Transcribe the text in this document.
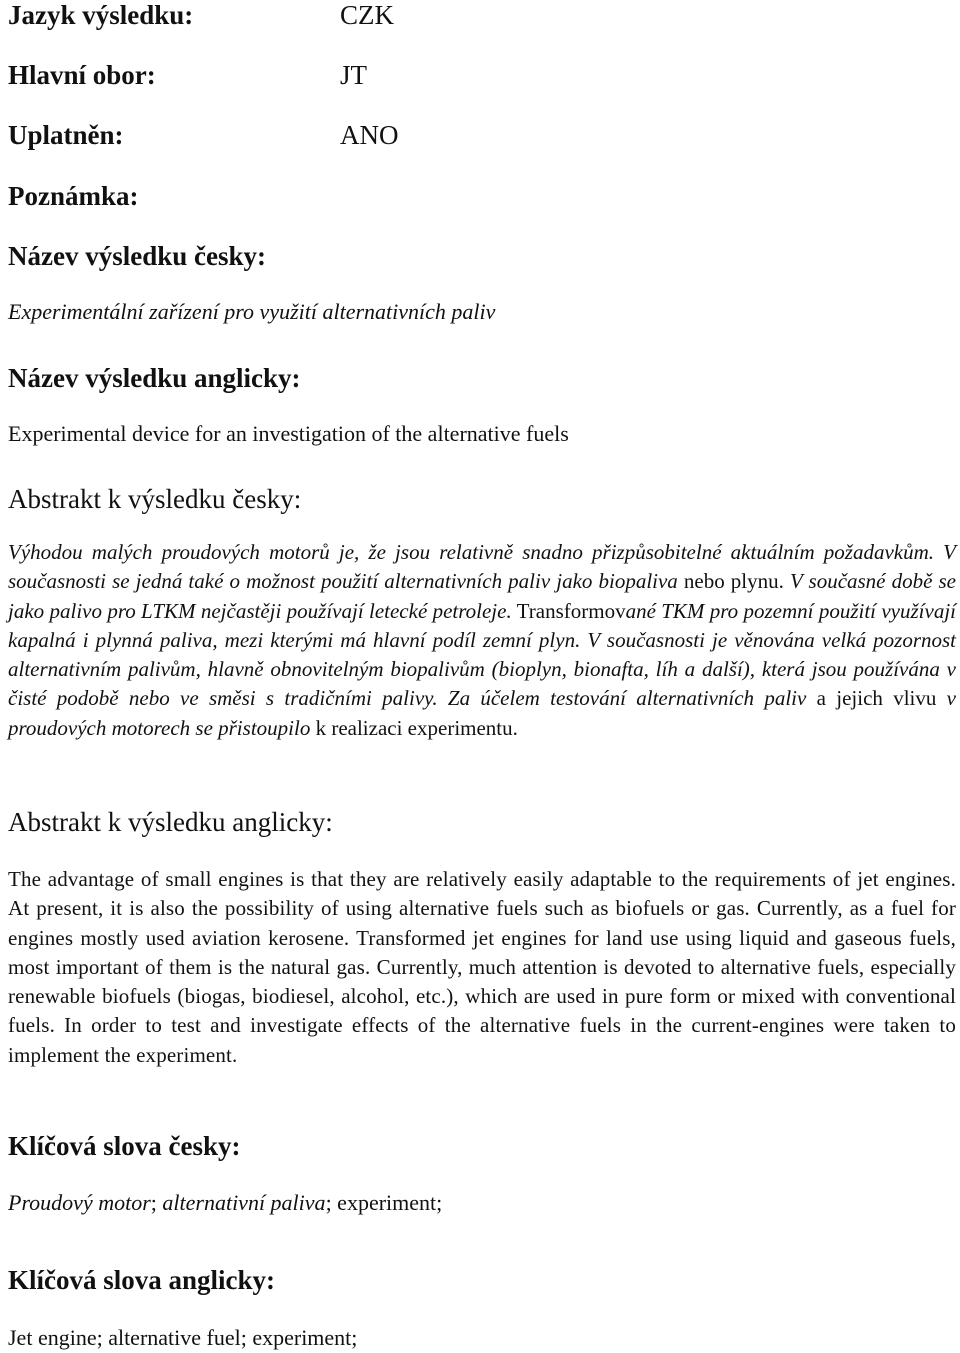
Jazyk výsledku:	CZK
Hlavní obor:	JT
Uplatněn:	ANO
Poznámka:
Název výsledku česky:
Experimentální zařízení pro využití alternativních paliv
Název výsledku anglicky:
Experimental device for an investigation of the alternative fuels
Abstrakt k výsledku česky:
Výhodou malých proudových motorů je, že jsou relativně snadno přizpůsobitelné aktuálním požadavkům. V současnosti se jedná také o možnost použití alternativních paliv jako biopaliva nebo plynu. V současné době se jako palivo pro LTKM nejčastěji používají letecké petroleje. Transformované TKM pro pozemní použití využívají kapalná i plynná paliva, mezi kterými má hlavní podíl zemní plyn. V současnosti je věnována velká pozornost alternativním palivům, hlavně obnovitelným biopalivům (bioplyn, bionafta, líh a další), která jsou používána v čisté podobě nebo ve směsi s tradičními palivy. Za účelem testování alternativních paliv a jejich vlivu v proudových motorech se přistoupilo k realizaci experimentu.
Abstrakt k výsledku anglicky:
The advantage of small engines is that they are relatively easily adaptable to the requirements of jet engines. At present, it is also the possibility of using alternative fuels such as biofuels or gas. Currently, as a fuel for engines mostly used aviation kerosene. Transformed jet engines for land use using liquid and gaseous fuels, most important of them is the natural gas. Currently, much attention is devoted to alternative fuels, especially renewable biofuels (biogas, biodiesel, alcohol, etc.), which are used in pure form or mixed with conventional fuels. In order to test and investigate effects of the alternative fuels in the current-engines were taken to implement the experiment.
Klíčová slova česky:
Proudový motor; alternativní paliva; experiment;
Klíčová slova anglicky:
Jet engine; alternative fuel; experiment;
